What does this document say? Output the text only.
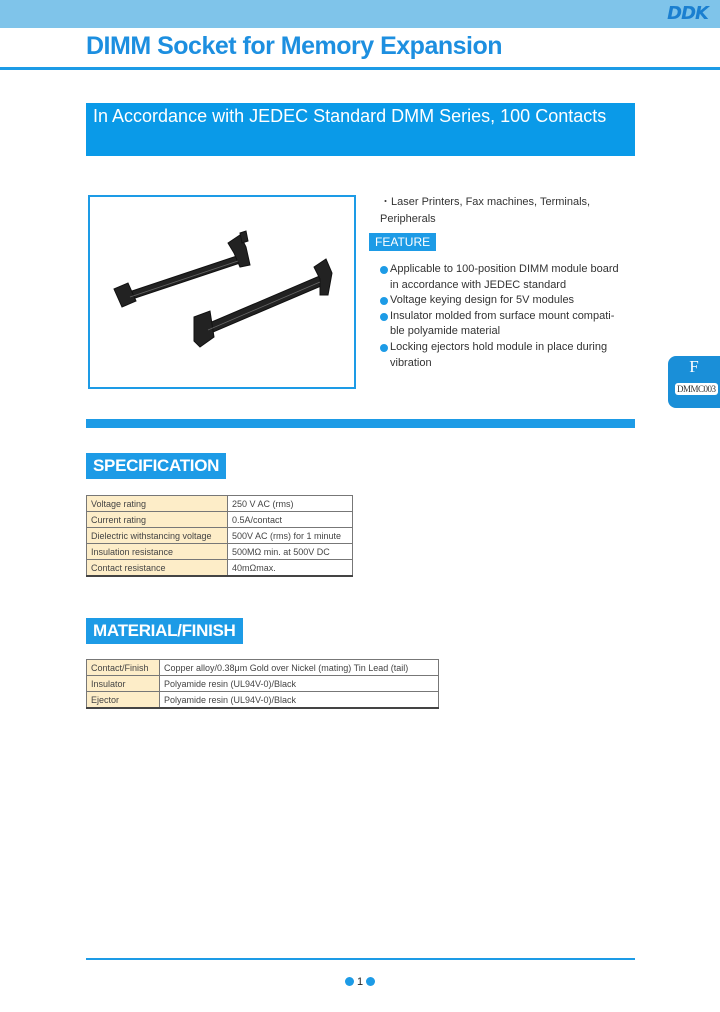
DDK
DIMM Socket for Memory Expansion
In Accordance with JEDEC Standard DMM Series, 100 Contacts
・Laser Printers, Fax machines, Terminals, Peripherals
FEATURE
Applicable to 100-position DIMM module board in accordance with JEDEC standard
Voltage keying design for 5V modules
Insulator molded from surface mount compati-ble polyamide material
Locking ejectors hold module in place during vibration	F
DMMC003
SPECIFICATION
Voltage rating	250 V AC (rms)
Current rating	0.5A/contact
Dielectric withstancing voltage	500V AC (rms) for 1 minute
Insulation resistance	500MΩ min. at 500V DC
Contact resistance	40mΩmax.
MATERIAL/FINISH
Contact/Finish	Copper alloy/0.38μm Gold over Nickel (mating) Tin Lead (tail)
Insulator	Polyamide resin (UL94V-0)/Black
Ejector	Polyamide resin (UL94V-0)/Black
1
